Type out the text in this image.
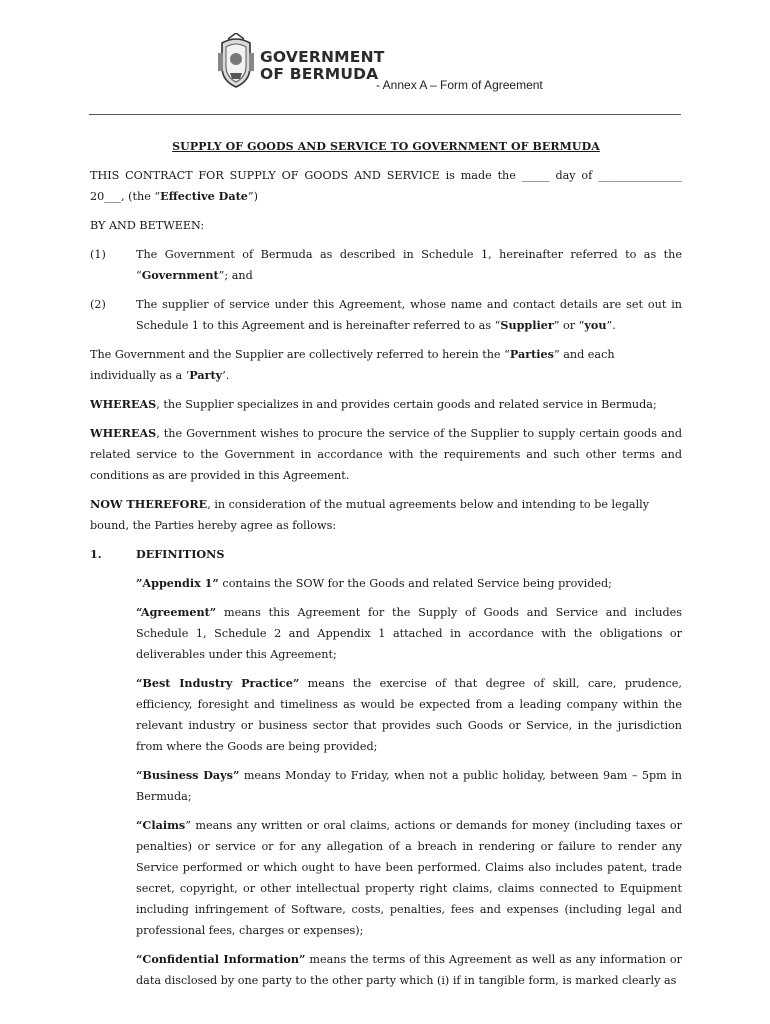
GOVERNMENT
OF BERMUDA
- Annex A – Form of Agreement

SUPPLY OF GOODS AND SERVICE TO GOVERNMENT OF BERMUDA

THIS CONTRACT FOR SUPPLY OF GOODS AND SERVICE is made the _____ day of _______________ 20___, (the “Effective Date”)

BY AND BETWEEN:

(1)	The Government of Bermuda as described in Schedule 1, hereinafter referred to as the “Government”; and
(2)	The supplier of service under this Agreement, whose name and contact details are set out in Schedule 1 to this Agreement and is hereinafter referred to as “Supplier” or “you”.

The Government and the Supplier are collectively referred to herein the “Parties” and each individually as a ‘Party’.

WHEREAS, the Supplier specializes in and provides certain goods and related service in Bermuda;

WHEREAS, the Government wishes to procure the service of the Supplier to supply certain goods and related service to the Government in accordance with the requirements and such other terms and conditions as are provided in this Agreement.

NOW THEREFORE, in consideration of the mutual agreements below and intending to be legally bound, the Parties hereby agree as follows:

1.	DEFINITIONS

”Appendix 1” contains the SOW for the Goods and related Service being provided;

“Agreement” means this Agreement for the Supply of Goods and Service and includes Schedule 1, Schedule 2 and Appendix 1 attached in accordance with the obligations or deliverables under this Agreement;

“Best Industry Practice” means the exercise of that degree of skill, care, prudence, efficiency, foresight and timeliness as would be expected from a leading company within the relevant industry or business sector that provides such Goods or Service, in the jurisdiction from where the Goods are being provided;

“Business Days” means Monday to Friday, when not a public holiday, between 9am – 5pm in Bermuda;

“Claims” means any written or oral claims, actions or demands for money (including taxes or penalties) or service or for any allegation of a breach in rendering or failure to render any Service performed or which ought to have been performed. Claims also includes patent, trade secret, copyright, or other intellectual property right claims, claims connected to Equipment including infringement of Software, costs, penalties, fees and expenses (including legal and professional fees, charges or expenses);

“Confidential Information” means the terms of this Agreement as well as any information or data disclosed by one party to the other party which (i) if in tangible form, is marked clearly as
